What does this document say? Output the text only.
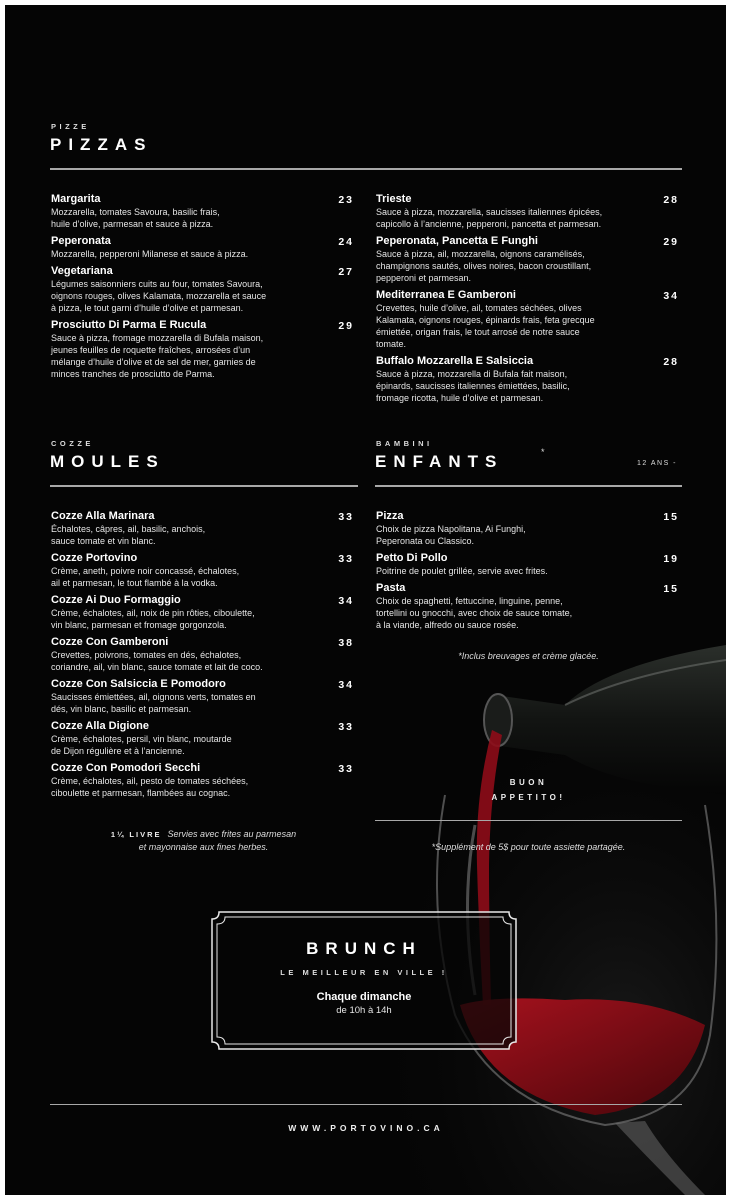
PIZZE
PIZZAS
Margarita	23
Mozzarella, tomates Savoura, basilic frais,
huile d’olive, parmesan et sauce à pizza.
Peperonata	24
Mozzarella, pepperoni Milanese et sauce à pizza.
Vegetariana	27
Légumes saisonniers cuits au four, tomates Savoura,
oignons rouges, olives Kalamata, mozzarella et sauce
à pizza, le tout garni d’huile d’olive et parmesan.
Prosciutto Di Parma E Rucula	29
Sauce à pizza, fromage mozzarella di Bufala maison,
jeunes feuilles de roquette fraîches, arrosées d’un
mélange d’huile d’olive et de sel de mer, garnies de
minces tranches de prosciutto de Parma.
Trieste	28
Sauce à pizza, mozzarella, saucisses italiennes épicées,
capicollo à l’ancienne, pepperoni, pancetta et parmesan.
Peperonata, Pancetta E Funghi	29
Sauce à pizza, ail, mozzarella, oignons caramélisés,
champignons sautés, olives noires, bacon croustillant,
pepperoni et parmesan.
Mediterranea E Gamberoni	34
Crevettes, huile d’olive, ail, tomates séchées, olives
Kalamata, oignons rouges, épinards frais, feta grecque
émiettée, origan frais, le tout arrosé de notre sauce
tomate.
Buffalo Mozzarella E Salsiccia	28
Sauce à pizza, mozzarella di Bufala fait maison,
épinards, saucisses italiennes émiettées, basilic,
fromage ricotta, huile d’olive et parmesan.
COZZE
MOULES
BAMBINI
ENFANTS	*
12 ANS -
Cozze Alla Marinara	33
Échalotes, câpres, ail, basilic, anchois,
sauce tomate et vin blanc.
Cozze Portovino	33
Crème, aneth, poivre noir concassé, échalotes,
ail et parmesan, le tout flambé à la vodka.
Cozze Ai Duo Formaggio	34
Crème, échalotes, ail, noix de pin rôties, ciboulette,
vin blanc, parmesan et fromage gorgonzola.
Cozze Con Gamberoni	38
Crevettes, poivrons, tomates en dés, échalotes,
coriandre, ail, vin blanc, sauce tomate et lait de coco.
Cozze Con Salsiccia E Pomodoro	34
Saucisses émiettées, ail, oignons verts, tomates en
dés, vin blanc, basilic et parmesan.
Cozze Alla Digione	33
Crème, échalotes, persil, vin blanc, moutarde
de Dijon régulière et à l’ancienne.
Cozze Con Pomodori Secchi	33
Crème, échalotes, ail, pesto de tomates séchées,
ciboulette et parmesan, flambées au cognac.
1¼ LIVRE Servies avec frites au parmesan
et mayonnaise aux fines herbes.
Pizza	15
Choix de pizza Napolitana, Ai Funghi,
Peperonata ou Classico.
Petto Di Pollo	19
Poitrine de poulet grillée, servie avec frites.
Pasta	15
Choix de spaghetti, fettuccine, linguine, penne,
tortellini ou gnocchi, avec choix de sauce tomate,
à la viande, alfredo ou sauce rosée.
*Inclus breuvages et crème glacée.
BUON
APPETITO!
*Supplément de 5$ pour toute assiette partagée.
BRUNCH
LE MEILLEUR EN VILLE !
Chaque dimanche
de 10h à 14h
WWW.PORTOVINO.CA
